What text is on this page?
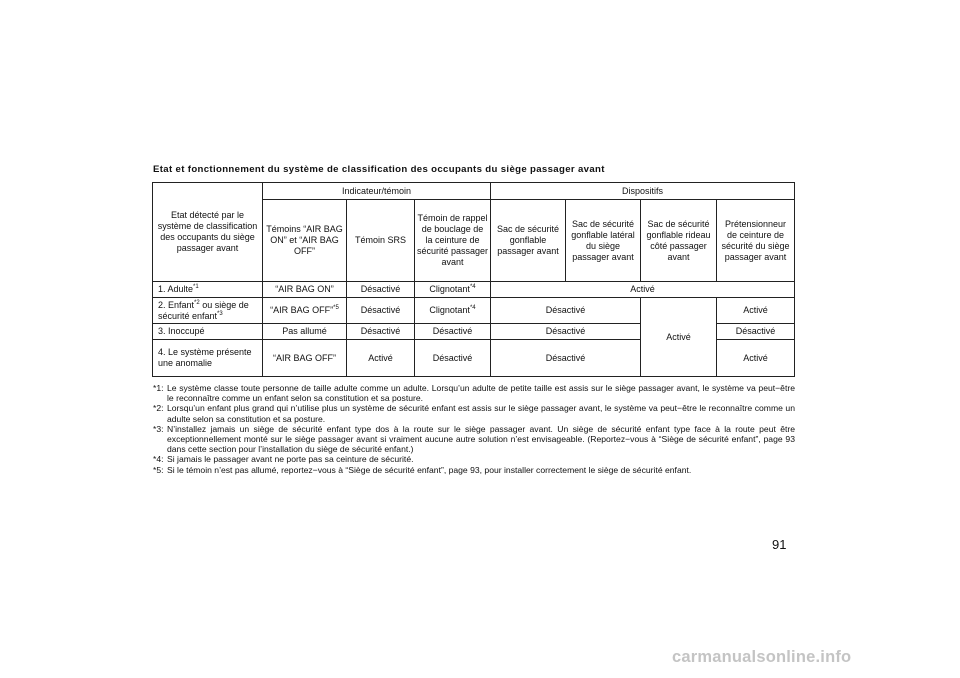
Etat et fonctionnement du système de classification des occupants du siège passager avant
Etat détecté par le système de classification des occupants du siège passager avant	Indicateur/témoin			Dispositifs			
	Témoins “AIR BAG ON” et “AIR BAG OFF”	Témoin SRS	Témoin de rappel de bouclage de la ceinture de sécurité passager avant	Sac de sécurité gonflable passager avant	Sac de sécurité gonflable latéral du siège passager avant	Sac de sécurité gonflable rideau côté passager avant	Prétensionneur de ceinture de sécurité du siège passager avant
1. Adulte$^{*1}$	“AIR BAG ON”	Désactivé	Clignotant$^{*4}$	Activé			
2. Enfant$^{*2}$ ou siège de sécurité enfant$^{*3}$	“AIR BAG OFF”$^{*5}$	Désactivé	Clignotant$^{*4}$	Désactivé		Activé	Activé
3. Inoccupé	Pas allumé	Désactivé	Désactivé	Désactivé			Désactivé
4. Le système présente une anomalie	“AIR BAG OFF”	Activé	Désactivé	Désactivé			Activé
*1: Le système classe toute personne de taille adulte comme un adulte. Lorsqu’un adulte de petite taille est assis sur le siège passager avant, le système va peut−être le reconnaître comme un enfant selon sa constitution et sa posture.
*2: Lorsqu’un enfant plus grand qui n’utilise plus un système de sécurité enfant est assis sur le siège passager avant, le système va peut−être le reconnaître comme un adulte selon sa constitution et sa posture.
*3: N’installez jamais un siège de sécurité enfant type dos à la route sur le siège passager avant. Un siège de sécurité enfant type face à la route peut être exceptionnellement monté sur le siège passager avant si vraiment aucune autre solution n’est envisageable. (Reportez−vous à “Siège de sécurité enfant”, page 93 dans cette section pour l’installation du siège de sécurité enfant.)
*4: Si jamais le passager avant ne porte pas sa ceinture de sécurité.
*5: Si le témoin n’est pas allumé, reportez−vous à “Siège de sécurité enfant”, page 93, pour installer correctement le siège de sécurité enfant.
91
carmanualsonline.info
